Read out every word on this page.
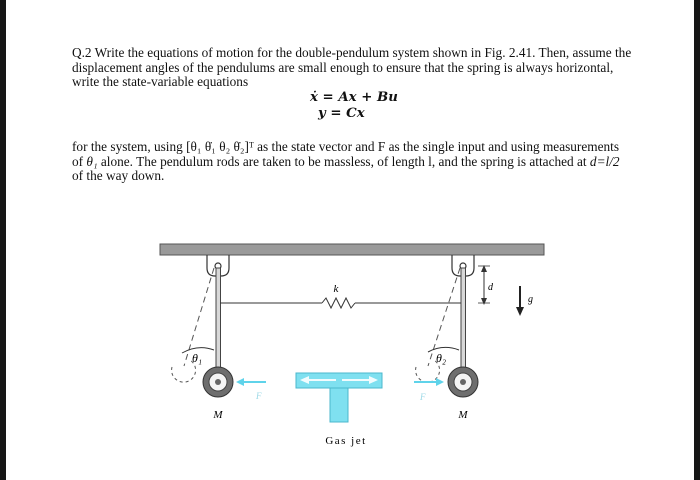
Q.2 Write the equations of motion for the double-pendulum system shown in Fig. 2.41. Then, assume the displacement angles of the pendulums are small enough to ensure that the spring is always horizontal, write the state-variable equations
ẋ = Ax + Bu
y = Cx
for the system, using [θ₁ θ̇₁ θ₂ θ̇₂]ᵀ as the state vector and F as the single input and using measurements of θ₁ alone. The pendulum rods are taken to be massless, of length l, and the spring is attached at d=l/2 of the way down.
k
θ₁	θ₂
M	M
F	F
Gas jet
d
g
